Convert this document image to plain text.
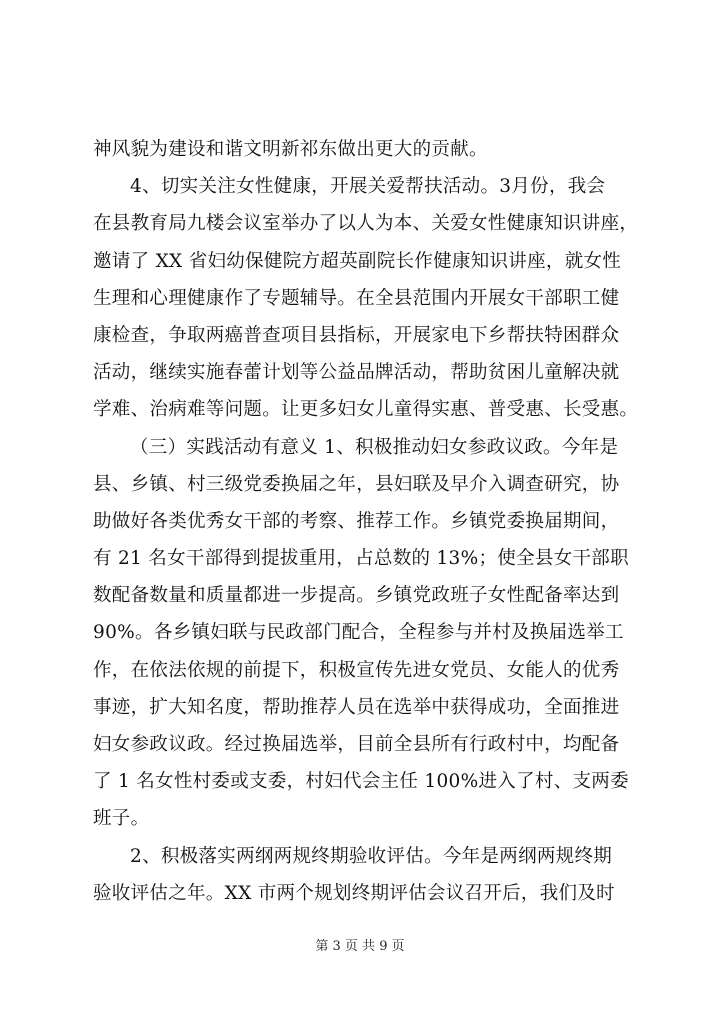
神风貌为建设和谐文明新祁东做出更大的贡献。
4、切实关注女性健康，开展关爱帮扶活动。3月份，我会
在县教育局九楼会议室举办了以人为本、关爱女性健康知识讲座，
邀请了 XX 省妇幼保健院方超英副院长作健康知识讲座，就女性
生理和心理健康作了专题辅导。在全县范围内开展女干部职工健
康检查，争取两癌普查项目县指标，开展家电下乡帮扶特困群众
活动，继续实施春蕾计划等公益品牌活动，帮助贫困儿童解决就
学难、治病难等问题。让更多妇女儿童得实惠、普受惠、长受惠。
（三）实践活动有意义 1、积极推动妇女参政议政。今年是
县、乡镇、村三级党委换届之年，县妇联及早介入调查研究，协
助做好各类优秀女干部的考察、推荐工作。乡镇党委换届期间，
有 21 名女干部得到提拔重用，占总数的 13%；使全县女干部职
数配备数量和质量都进一步提高。乡镇党政班子女性配备率达到
90%。各乡镇妇联与民政部门配合，全程参与并村及换届选举工
作，在依法依规的前提下，积极宣传先进女党员、女能人的优秀
事迹，扩大知名度，帮助推荐人员在选举中获得成功，全面推进
妇女参政议政。经过换届选举，目前全县所有行政村中，均配备
了 1 名女性村委或支委，村妇代会主任 100%进入了村、支两委
班子。
2、积极落实两纲两规终期验收评估。今年是两纲两规终期
验收评估之年。XX 市两个规划终期评估会议召开后，我们及时
第 3 页 共 9 页
